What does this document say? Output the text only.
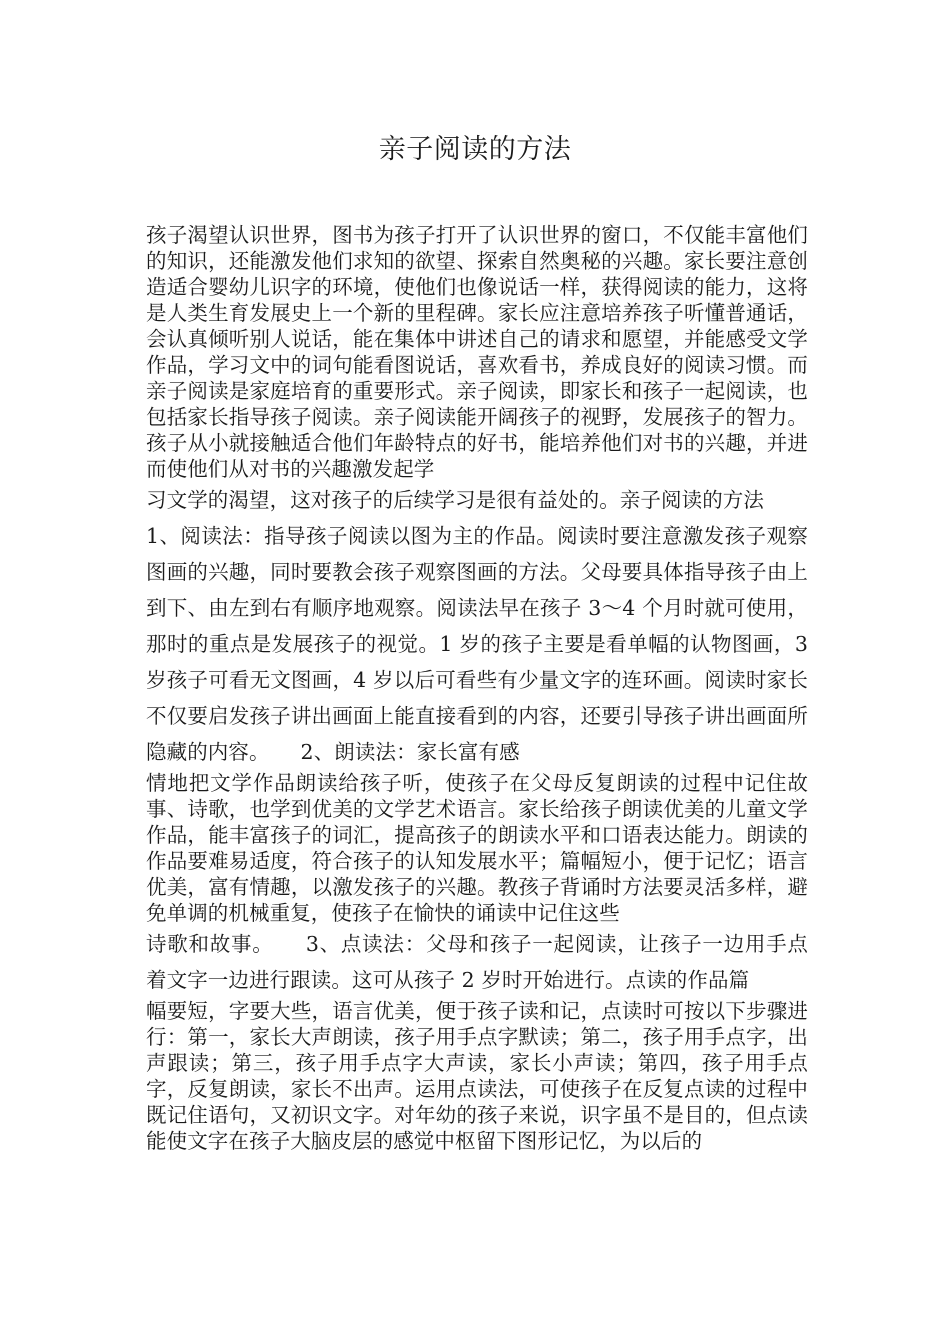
亲子阅读的方法

孩子渴望认识世界，图书为孩子打开了认识世界的窗口，不仅能丰富他们的知识，还能激发他们求知的欲望、探索自然奥秘的兴趣。家长要注意创造适合婴幼儿识字的环境，使他们也像说话一样，获得阅读的能力，这将是人类生育发展史上一个新的里程碑。家长应注意培养孩子听懂普通话，会认真倾听别人说话，能在集体中讲述自己的请求和愿望，并能感受文学作品，学习文中的词句能看图说话，喜欢看书，养成良好的阅读习惯。而亲子阅读是家庭培育的重要形式。亲子阅读，即家长和孩子一起阅读，也包括家长指导孩子阅读。亲子阅读能开阔孩子的视野，发展孩子的智力。孩子从小就接触适合他们年龄特点的好书，能培养他们对书的兴趣，并进而使他们从对书的兴趣激发起学

习文学的渴望，这对孩子的后续学习是很有益处的。亲子阅读的方法

1、阅读法：指导孩子阅读以图为主的作品。阅读时要注意激发孩子观察图画的兴趣，同时要教会孩子观察图画的方法。父母要具体指导孩子由上到下、由左到右有顺序地观察。阅读法早在孩子 3～4 个月时就可使用，那时的重点是发展孩子的视觉。1 岁的孩子主要是看单幅的认物图画，3 岁孩子可看无文图画，4 岁以后可看些有少量文字的连环画。阅读时家长不仅要启发孩子讲出画面上能直接看到的内容，还要引导孩子讲出画面所隐藏的内容。　　2、朗读法：家长富有感

情地把文学作品朗读给孩子听，使孩子在父母反复朗读的过程中记住故事、诗歌，也学到优美的文学艺术语言。家长给孩子朗读优美的儿童文学作品，能丰富孩子的词汇，提高孩子的朗读水平和口语表达能力。朗读的作品要难易适度，符合孩子的认知发展水平；篇幅短小，便于记忆；语言优美，富有情趣，以激发孩子的兴趣。教孩子背诵时方法要灵活多样，避免单调的机械重复，使孩子在愉快的诵读中记住这些

诗歌和故事。　　3、点读法：父母和孩子一起阅读，让孩子一边用手点着文字一边进行跟读。这可从孩子 2 岁时开始进行。点读的作品篇

幅要短，字要大些，语言优美，便于孩子读和记，点读时可按以下步骤进行：第一，家长大声朗读，孩子用手点字默读；第二，孩子用手点字，出声跟读；第三，孩子用手点字大声读，家长小声读；第四，孩子用手点字，反复朗读，家长不出声。运用点读法，可使孩子在反复点读的过程中既记住语句，又初识文字。对年幼的孩子来说，识字虽不是目的，但点读能使文字在孩子大脑皮层的感觉中枢留下图形记忆，为以后的
